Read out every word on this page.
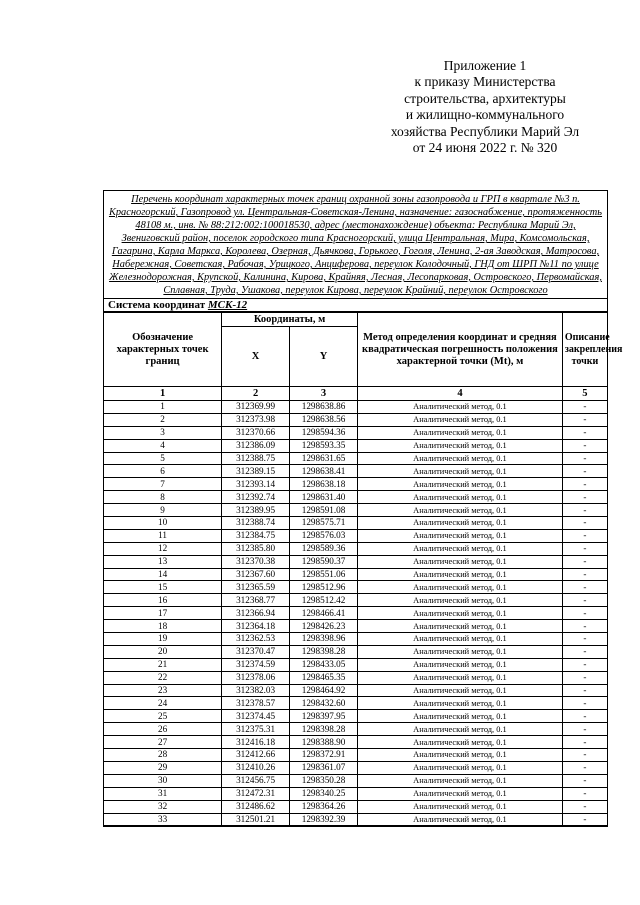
Приложение 1
к приказу Министерства
строительства, архитектуры
и жилищно-коммунального
хозяйства Республики Марий Эл
от 24 июня 2022 г. № 320
Перечень координат характерных точек границ охранной зоны газопровода и ГРП в квартале №3 п. Красногорский, Газопровод ул. Центральная-Советская-Ленина, назначение: газоснабжение, протяженность 48108 м., инв. № 88:212:002:100018530, адрес (местонахождение) объекта: Республика Марий Эл, Звениговский район, поселок городского типа Красногорский, улица Центральная, Мира, Комсомольская, Гагарина, Карла Маркса, Королева, Озерная, Дьячкова, Горького, Гоголя, Ленина, 2-ая Заводская, Матросова, Набережная, Советская, Рабочая, Урицкого, Анциферова, переулок Колодочный, ГНД от ШРП №11 по улице Железнодорожная, Крупской, Калинина, Кирова, Крайняя, Лесная, Лесопарковая, Островского, Первомайская, Сплавная, Труда, Ушакова, переулок Кирова, переулок Крайний, переулок Островского
Система координат МСК-12
Обозначение характерных точек границ	Координаты, м		Метод определения координат и средняя квадратическая погрешность положения характерной точки (Mt), м	Описание закрепления точки
	X	Y		
1	2	3	4	5
1	312369.99	1298638.86	Аналитический метод, 0.1	-
2	312373.98	1298638.56	Аналитический метод, 0.1	-
3	312370.66	1298594.36	Аналитический метод, 0.1	-
4	312386.09	1298593.35	Аналитический метод, 0.1	-
5	312388.75	1298631.65	Аналитический метод, 0.1	-
6	312389.15	1298638.41	Аналитический метод, 0.1	-
7	312393.14	1298638.18	Аналитический метод, 0.1	-
8	312392.74	1298631.40	Аналитический метод, 0.1	-
9	312389.95	1298591.08	Аналитический метод, 0.1	-
10	312388.74	1298575.71	Аналитический метод, 0.1	-
11	312384.75	1298576.03	Аналитический метод, 0.1	-
12	312385.80	1298589.36	Аналитический метод, 0.1	-
13	312370.38	1298590.37	Аналитический метод, 0.1	-
14	312367.60	1298551.06	Аналитический метод, 0.1	-
15	312365.59	1298512.96	Аналитический метод, 0.1	-
16	312368.77	1298512.42	Аналитический метод, 0.1	-
17	312366.94	1298466.41	Аналитический метод, 0.1	-
18	312364.18	1298426.23	Аналитический метод, 0.1	-
19	312362.53	1298398.96	Аналитический метод, 0.1	-
20	312370.47	1298398.28	Аналитический метод, 0.1	-
21	312374.59	1298433.05	Аналитический метод, 0.1	-
22	312378.06	1298465.35	Аналитический метод, 0.1	-
23	312382.03	1298464.92	Аналитический метод, 0.1	-
24	312378.57	1298432.60	Аналитический метод, 0.1	-
25	312374.45	1298397.95	Аналитический метод, 0.1	-
26	312375.31	1298398.28	Аналитический метод, 0.1	-
27	312416.18	1298388.90	Аналитический метод, 0.1	-
28	312412.66	1298372.91	Аналитический метод, 0.1	-
29	312410.26	1298361.07	Аналитический метод, 0.1	-
30	312456.75	1298350.28	Аналитический метод, 0.1	-
31	312472.31	1298340.25	Аналитический метод, 0.1	-
32	312486.62	1298364.26	Аналитический метод, 0.1	-
33	312501.21	1298392.39	Аналитический метод, 0.1	-
